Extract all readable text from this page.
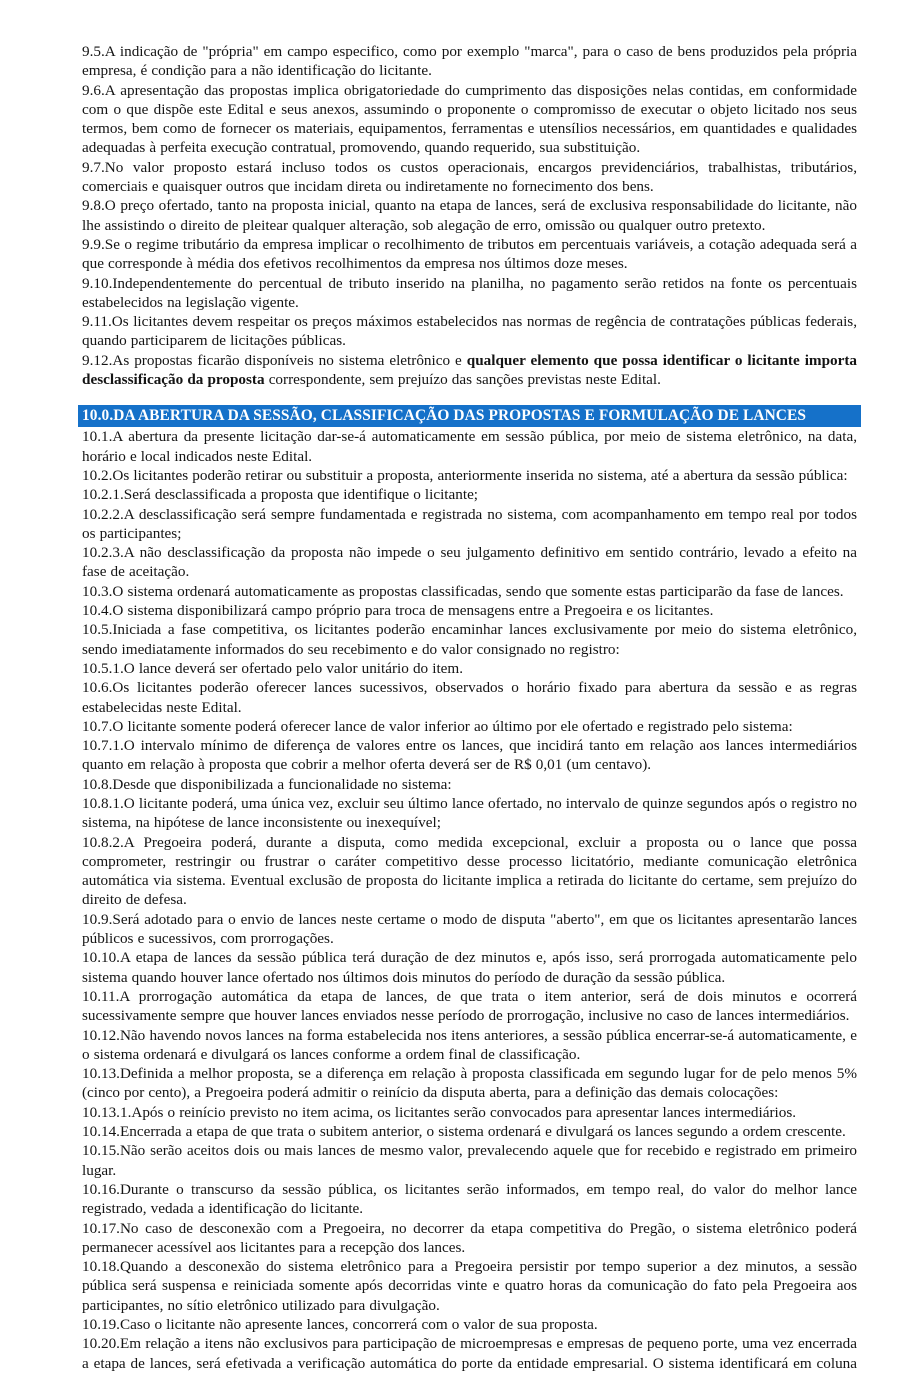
9.5.A indicação de "própria" em campo especifico, como por exemplo "marca", para o caso de bens produzidos pela própria empresa, é condição para a não identificação do licitante.

9.6.A apresentação das propostas implica obrigatoriedade do cumprimento das disposições nelas contidas, em conformidade com o que dispõe este Edital e seus anexos, assumindo o proponente o compromisso de executar o objeto licitado nos seus termos, bem como de fornecer os materiais, equipamentos, ferramentas e utensílios necessários, em quantidades e qualidades adequadas à perfeita execução contratual, promovendo, quando requerido, sua substituição.

9.7.No valor proposto estará incluso todos os custos operacionais, encargos previdenciários, trabalhistas, tributários, comerciais e quaisquer outros que incidam direta ou indiretamente no fornecimento dos bens.

9.8.O preço ofertado, tanto na proposta inicial, quanto na etapa de lances, será de exclusiva responsabilidade do licitante, não lhe assistindo o direito de pleitear qualquer alteração, sob alegação de erro, omissão ou qualquer outro pretexto.

9.9.Se o regime tributário da empresa implicar o recolhimento de tributos em percentuais variáveis, a cotação adequada será a que corresponde à média dos efetivos recolhimentos da empresa nos últimos doze meses.

9.10.Independentemente do percentual de tributo inserido na planilha, no pagamento serão retidos na fonte os percentuais estabelecidos na legislação vigente.

9.11.Os licitantes devem respeitar os preços máximos estabelecidos nas normas de regência de contratações públicas federais, quando participarem de licitações públicas.

9.12.As propostas ficarão disponíveis no sistema eletrônico e qualquer elemento que possa identificar o licitante importa desclassificação da proposta correspondente, sem prejuízo das sanções previstas neste Edital.

10.0.DA ABERTURA DA SESSÃO, CLASSIFICAÇÃO DAS PROPOSTAS E FORMULAÇÃO DE LANCES

10.1.A abertura da presente licitação dar-se-á automaticamente em sessão pública, por meio de sistema eletrônico, na data, horário e local indicados neste Edital.

10.2.Os licitantes poderão retirar ou substituir a proposta, anteriormente inserida no sistema, até a abertura da sessão pública:

10.2.1.Será desclassificada a proposta que identifique o licitante;

10.2.2.A desclassificação será sempre fundamentada e registrada no sistema, com acompanhamento em tempo real por todos os participantes;

10.2.3.A não desclassificação da proposta não impede o seu julgamento definitivo em sentido contrário, levado a efeito na fase de aceitação.

10.3.O sistema ordenará automaticamente as propostas classificadas, sendo que somente estas participarão da fase de lances.

10.4.O sistema disponibilizará campo próprio para troca de mensagens entre a Pregoeira e os licitantes.

10.5.Iniciada a fase competitiva, os licitantes poderão encaminhar lances exclusivamente por meio do sistema eletrônico, sendo imediatamente informados do seu recebimento e do valor consignado no registro:

10.5.1.O lance deverá ser ofertado pelo valor unitário do item.

10.6.Os licitantes poderão oferecer lances sucessivos, observados o horário fixado para abertura da sessão e as regras estabelecidas neste Edital.

10.7.O licitante somente poderá oferecer lance de valor inferior ao último por ele ofertado e registrado pelo sistema:

10.7.1.O intervalo mínimo de diferença de valores entre os lances, que incidirá tanto em relação aos lances intermediários quanto em relação à proposta que cobrir a melhor oferta deverá ser de R$ 0,01 (um centavo).

10.8.Desde que disponibilizada a funcionalidade no sistema:

10.8.1.O licitante poderá, uma única vez, excluir seu último lance ofertado, no intervalo de quinze segundos após o registro no sistema, na hipótese de lance inconsistente ou inexequível;

10.8.2.A Pregoeira poderá, durante a disputa, como medida excepcional, excluir a proposta ou o lance que possa comprometer, restringir ou frustrar o caráter competitivo desse processo licitatório, mediante comunicação eletrônica automática via sistema. Eventual exclusão de proposta do licitante implica a retirada do licitante do certame, sem prejuízo do direito de defesa.

10.9.Será adotado para o envio de lances neste certame o modo de disputa "aberto", em que os licitantes apresentarão lances públicos e sucessivos, com prorrogações.

10.10.A etapa de lances da sessão pública terá duração de dez minutos e, após isso, será prorrogada automaticamente pelo sistema quando houver lance ofertado nos últimos dois minutos do período de duração da sessão pública.

10.11.A prorrogação automática da etapa de lances, de que trata o item anterior, será de dois minutos e ocorrerá sucessivamente sempre que houver lances enviados nesse período de prorrogação, inclusive no caso de lances intermediários.

10.12.Não havendo novos lances na forma estabelecida nos itens anteriores, a sessão pública encerrar-se-á automaticamente, e o sistema ordenará e divulgará os lances conforme a ordem final de classificação.

10.13.Definida a melhor proposta, se a diferença em relação à proposta classificada em segundo lugar for de pelo menos 5% (cinco por cento), a Pregoeira poderá admitir o reinício da disputa aberta, para a definição das demais colocações:

10.13.1.Após o reinício previsto no item acima, os licitantes serão convocados para apresentar lances intermediários.

10.14.Encerrada a etapa de que trata o subitem anterior, o sistema ordenará e divulgará os lances segundo a ordem crescente.

10.15.Não serão aceitos dois ou mais lances de mesmo valor, prevalecendo aquele que for recebido e registrado em primeiro lugar.

10.16.Durante o transcurso da sessão pública, os licitantes serão informados, em tempo real, do valor do melhor lance registrado, vedada a identificação do licitante.

10.17.No caso de desconexão com a Pregoeira, no decorrer da etapa competitiva do Pregão, o sistema eletrônico poderá permanecer acessível aos licitantes para a recepção dos lances.

10.18.Quando a desconexão do sistema eletrônico para a Pregoeira persistir por tempo superior a dez minutos, a sessão pública será suspensa e reiniciada somente após decorridas vinte e quatro horas da comunicação do fato pela Pregoeira aos participantes, no sítio eletrônico utilizado para divulgação.

10.19.Caso o licitante não apresente lances, concorrerá com o valor de sua proposta.

10.20.Em relação a itens não exclusivos para participação de microempresas e empresas de pequeno porte, uma vez encerrada a etapa de lances, será efetivada a verificação automática do porte da entidade empresarial. O sistema identificará em coluna
